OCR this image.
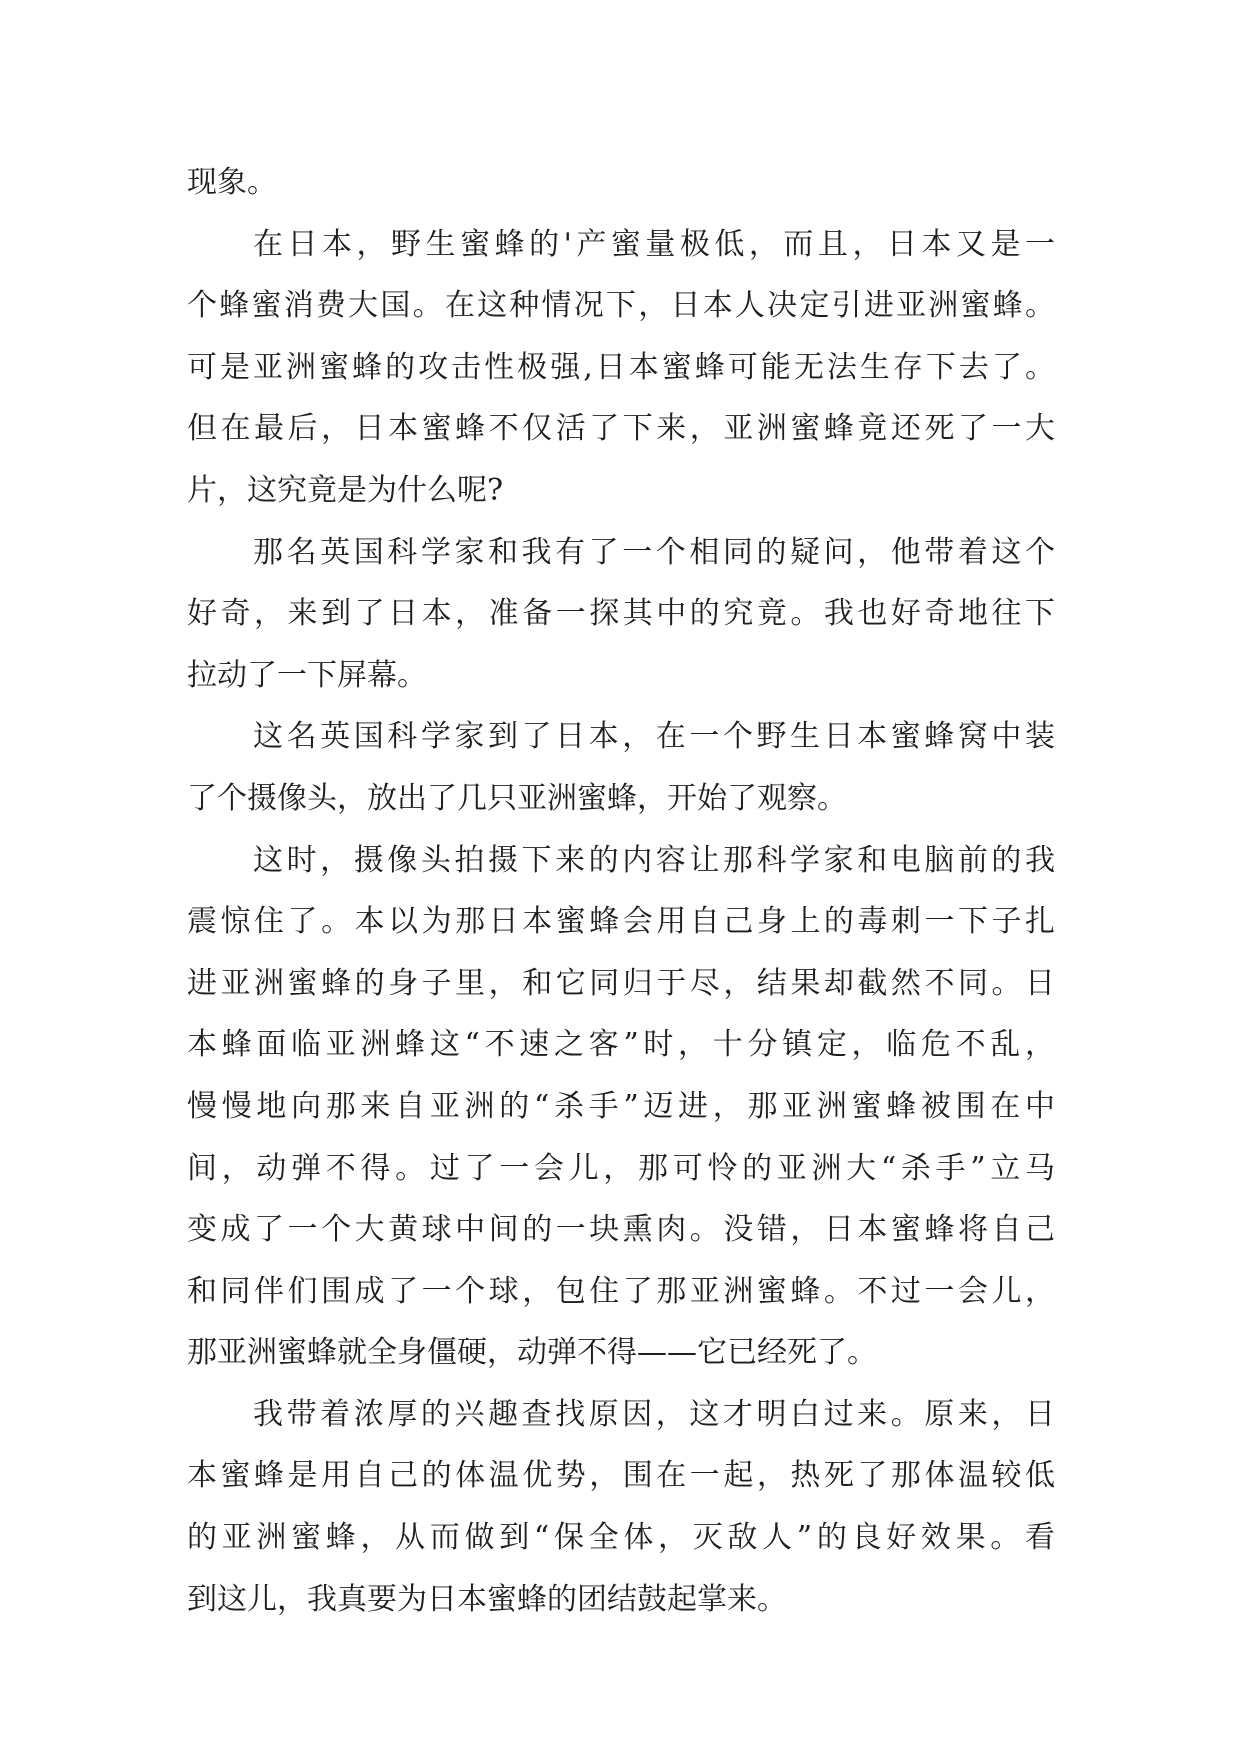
现象。
在日本，野生蜜蜂的'产蜜量极低，而且，日本又是一
个蜂蜜消费大国。在这种情况下，日本人决定引进亚洲蜜蜂。
可是亚洲蜜蜂的攻击性极强,日本蜜蜂可能无法生存下去了。
但在最后，日本蜜蜂不仅活了下来，亚洲蜜蜂竟还死了一大
片，这究竟是为什么呢?
那名英国科学家和我有了一个相同的疑问，他带着这个
好奇，来到了日本，准备一探其中的究竟。我也好奇地往下
拉动了一下屏幕。
这名英国科学家到了日本，在一个野生日本蜜蜂窝中装
了个摄像头，放出了几只亚洲蜜蜂，开始了观察。
这时，摄像头拍摄下来的内容让那科学家和电脑前的我
震惊住了。本以为那日本蜜蜂会用自己身上的毒刺一下子扎
进亚洲蜜蜂的身子里，和它同归于尽，结果却截然不同。日
本蜂面临亚洲蜂这“不速之客”时，十分镇定，临危不乱，
慢慢地向那来自亚洲的“杀手”迈进，那亚洲蜜蜂被围在中
间，动弹不得。过了一会儿，那可怜的亚洲大“杀手”立马
变成了一个大黄球中间的一块熏肉。没错，日本蜜蜂将自己
和同伴们围成了一个球，包住了那亚洲蜜蜂。不过一会儿，
那亚洲蜜蜂就全身僵硬，动弹不得——它已经死了。
我带着浓厚的兴趣查找原因，这才明白过来。原来，日
本蜜蜂是用自己的体温优势，围在一起，热死了那体温较低
的亚洲蜜蜂，从而做到“保全体，灭敌人”的良好效果。看
到这儿，我真要为日本蜜蜂的团结鼓起掌来。
